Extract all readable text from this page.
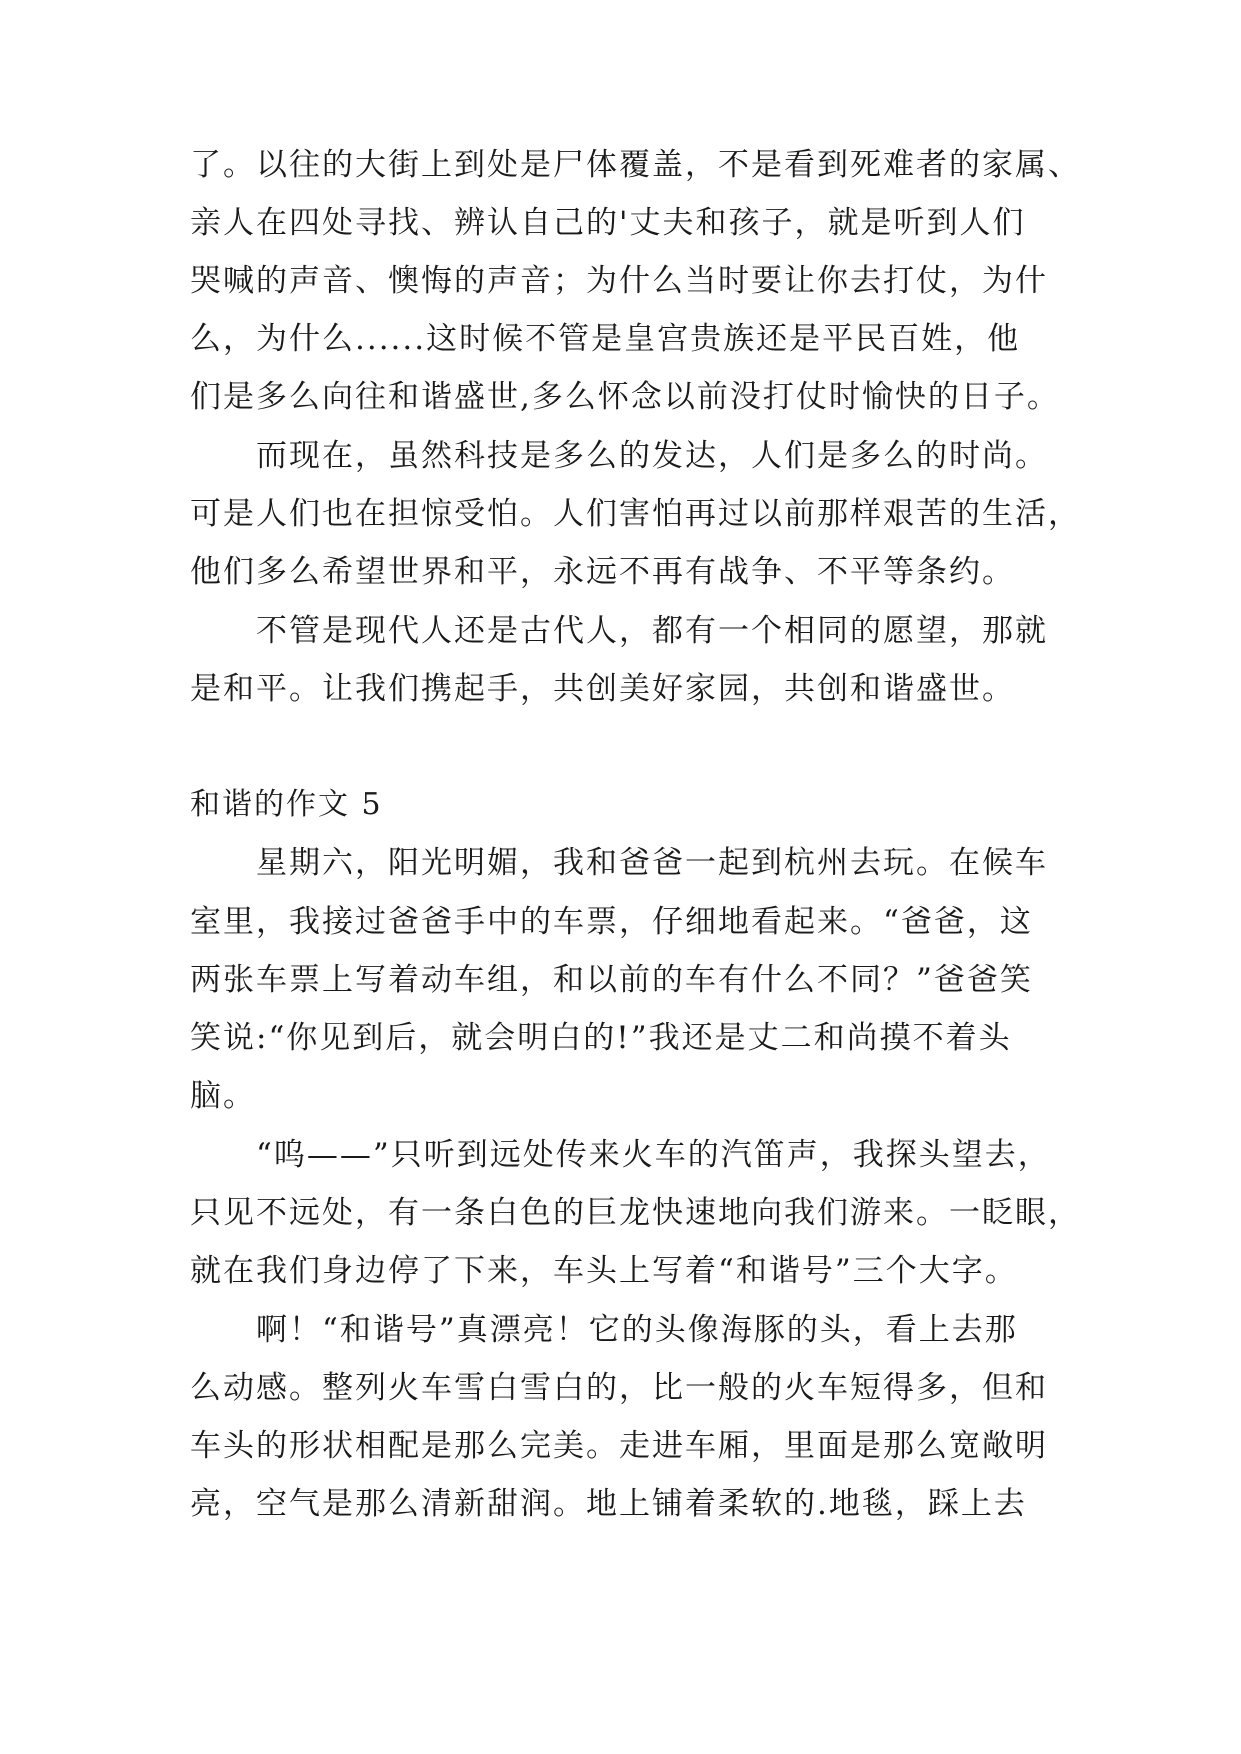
了。以往的大街上到处是尸体覆盖，不是看到死难者的家属、
亲人在四处寻找、辨认自己的'丈夫和孩子，就是听到人们
哭喊的声音、懊悔的声音；为什么当时要让你去打仗，为什
么，为什么......这时候不管是皇宫贵族还是平民百姓，他
们是多么向往和谐盛世,多么怀念以前没打仗时愉快的日子。
而现在，虽然科技是多么的发达，人们是多么的时尚。
可是人们也在担惊受怕。人们害怕再过以前那样艰苦的生活，
他们多么希望世界和平，永远不再有战争、不平等条约。
不管是现代人还是古代人，都有一个相同的愿望，那就
是和平。让我们携起手，共创美好家园，共创和谐盛世。
和谐的作文 5
星期六，阳光明媚，我和爸爸一起到杭州去玩。在候车
室里，我接过爸爸手中的车票，仔细地看起来。“爸爸，这
两张车票上写着动车组，和以前的车有什么不同？”爸爸笑
笑说:“你见到后，就会明白的!”我还是丈二和尚摸不着头
脑。
“呜——”只听到远处传来火车的汽笛声，我探头望去，
只见不远处，有一条白色的巨龙快速地向我们游来。一眨眼，
就在我们身边停了下来，车头上写着“和谐号”三个大字。
啊！“和谐号”真漂亮！它的头像海豚的头，看上去那
么动感。整列火车雪白雪白的，比一般的火车短得多，但和
车头的形状相配是那么完美。走进车厢，里面是那么宽敞明
亮，空气是那么清新甜润。地上铺着柔软的.地毯，踩上去
